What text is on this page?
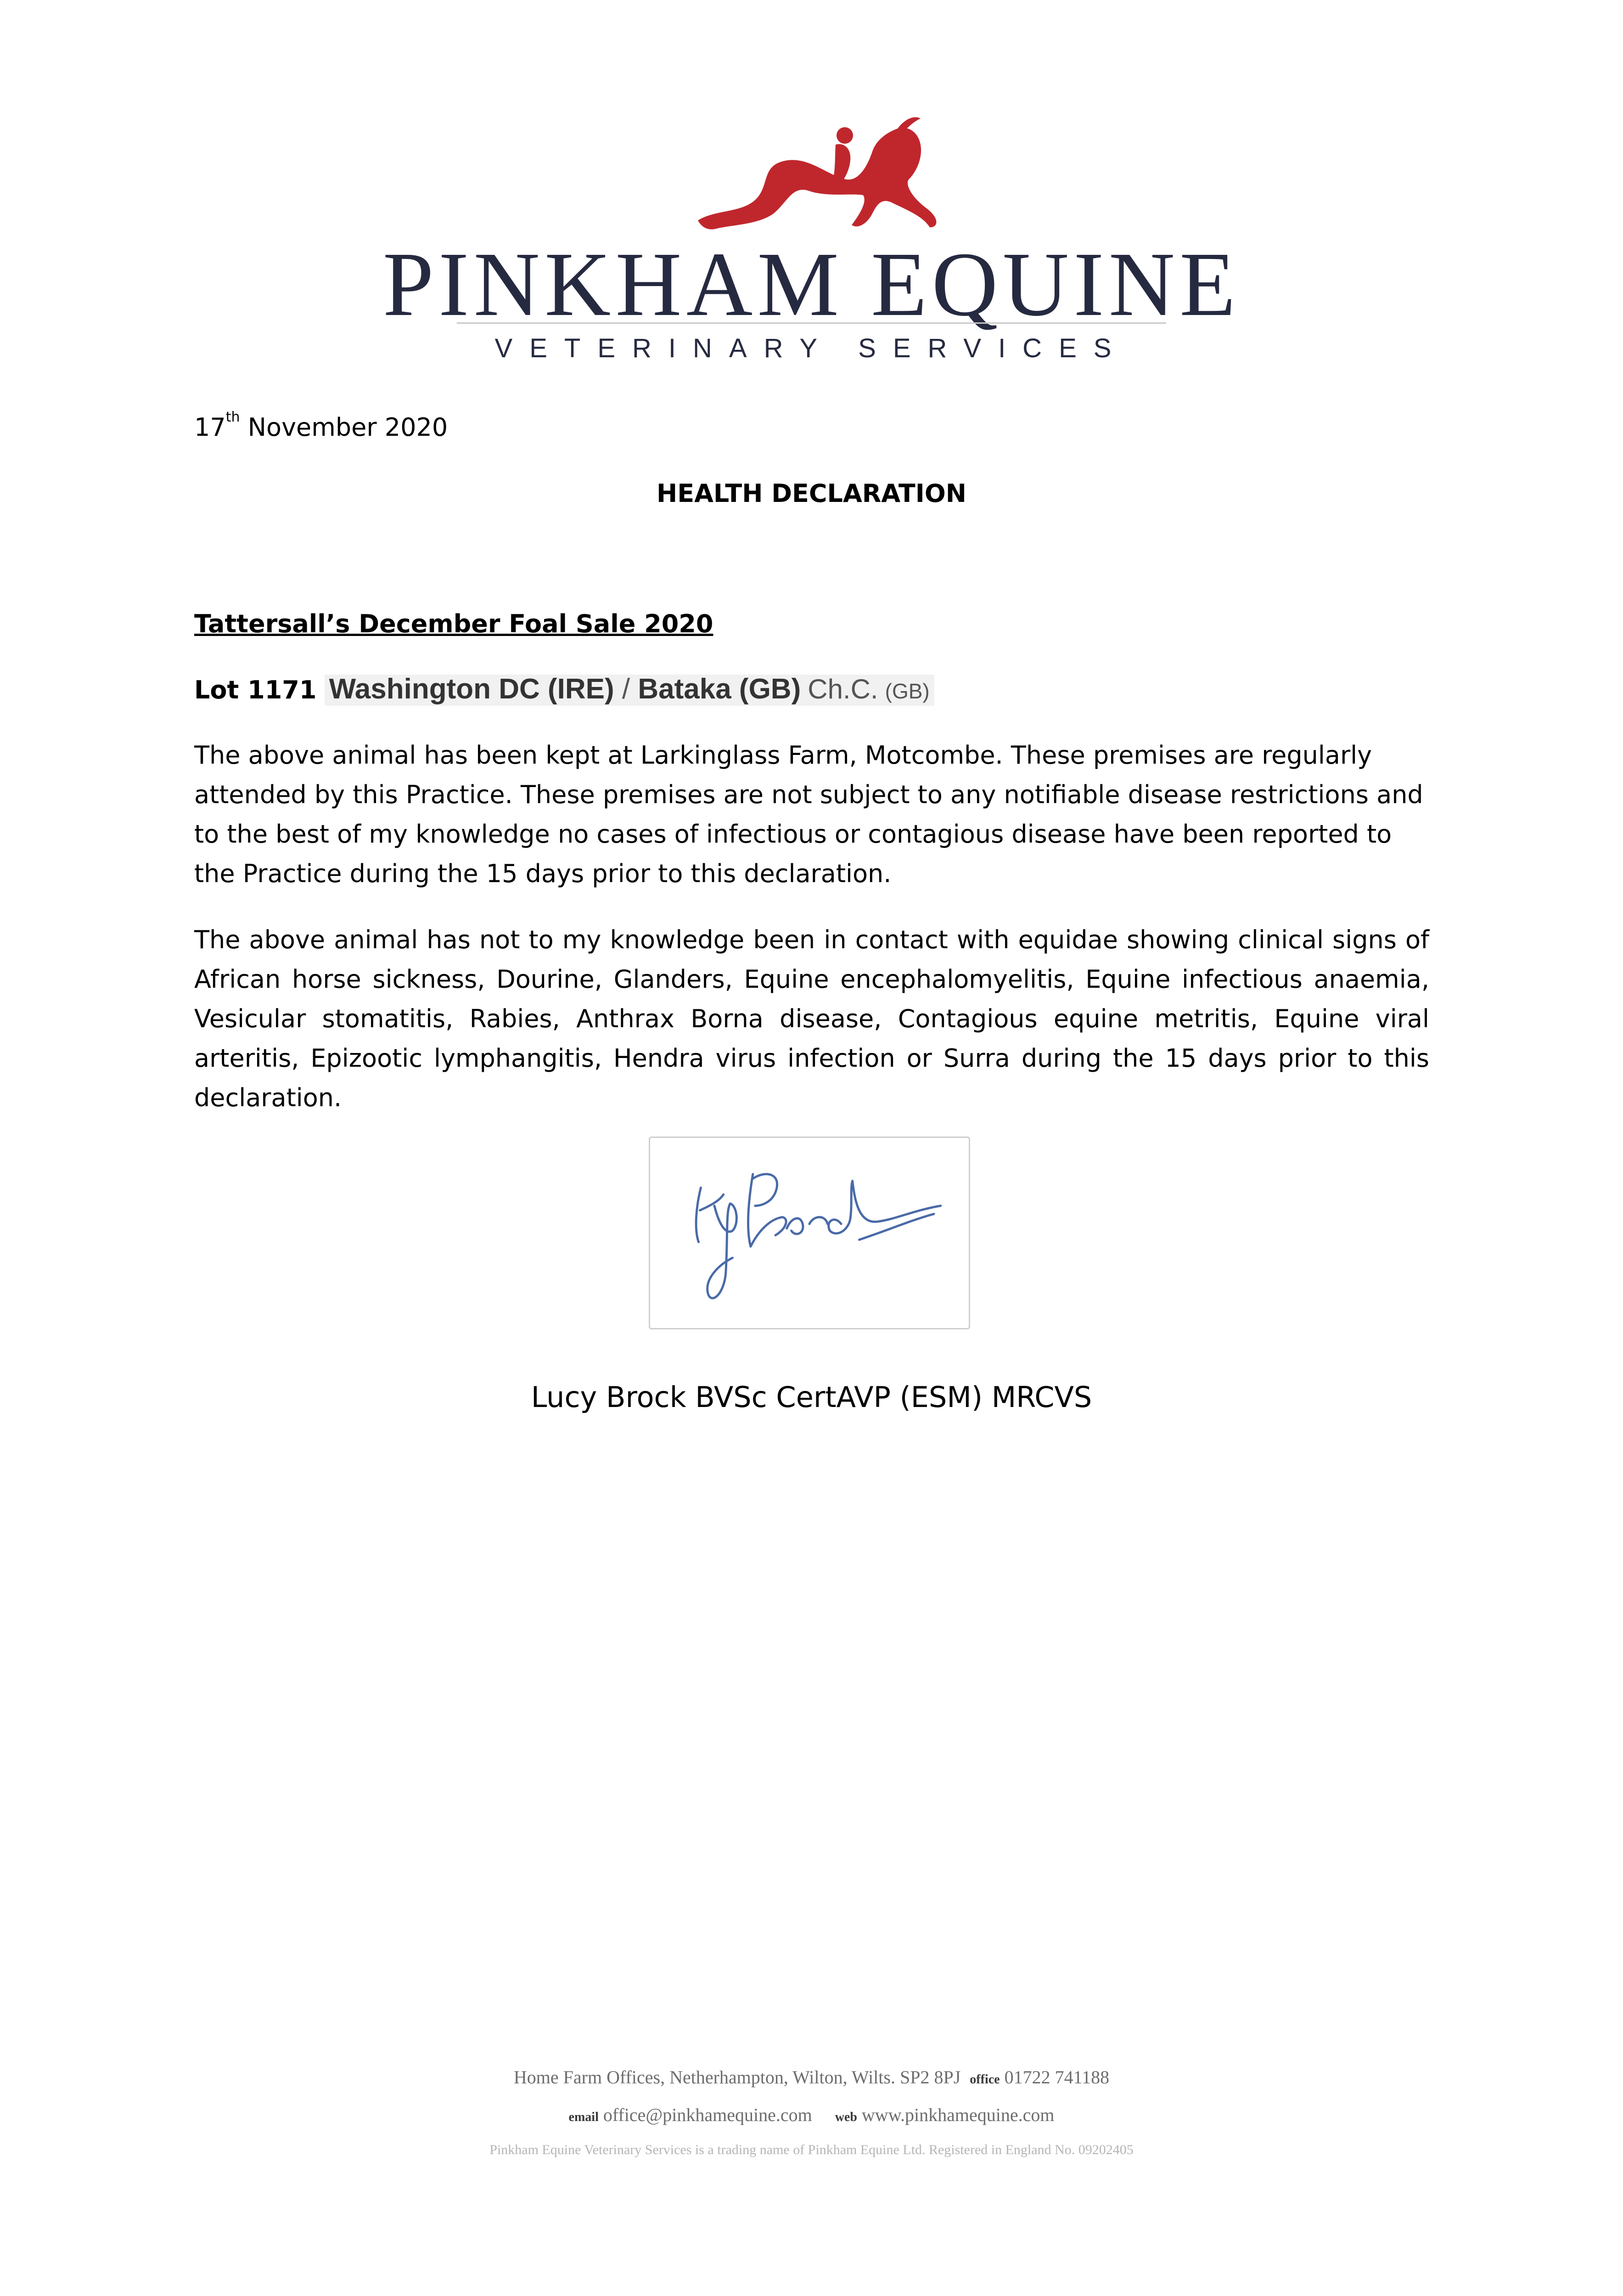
PINKHAM EQUINE
VETERINARY SERVICES
17th November 2020
HEALTH DECLARATION
Tattersall’s December Foal Sale 2020
Lot 1171 Washington DC (IRE) / Bataka (GB) Ch.C. (GB)
The above animal has been kept at Larkinglass Farm, Motcombe. These premises are regularly attended by this Practice. These premises are not subject to any notifiable disease restrictions and to the best of my knowledge no cases of infectious or contagious disease have been reported to the Practice during the 15 days prior to this declaration.
The above animal has not to my knowledge been in contact with equidae showing clinical signs of African horse sickness, Dourine, Glanders, Equine encephalomyelitis, Equine infectious anaemia, Vesicular stomatitis, Rabies, Anthrax Borna disease, Contagious equine metritis, Equine viral arteritis, Epizootic lymphangitis, Hendra virus infection or Surra during the 15 days prior to this declaration.
Lucy Brock BVSc CertAVP (ESM) MRCVS
Home Farm Offices, Netherhampton, Wilton, Wilts. SP2 8PJ office 01722 741188
email office@pinkhamequine.com web www.pinkhamequine.com
Pinkham Equine Veterinary Services is a trading name of Pinkham Equine Ltd. Registered in England No. 09202405
